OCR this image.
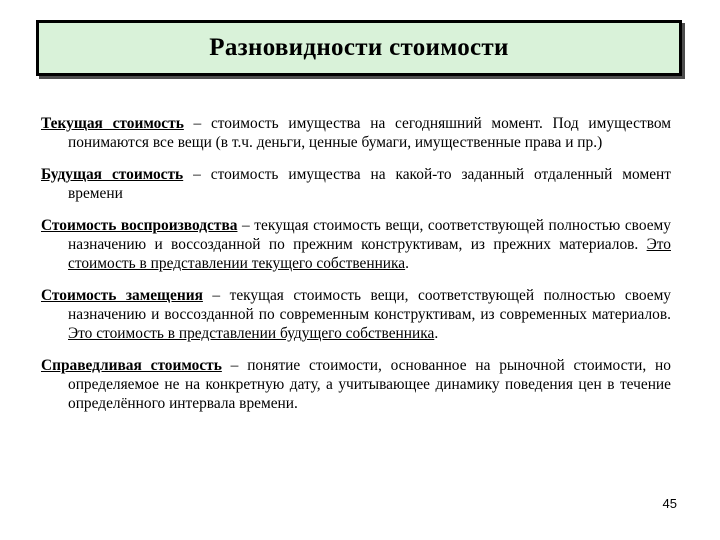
Разновидности стоимости

Текущая стоимость – стоимость имущества на сегодняшний момент. Под имуществом понимаются все вещи (в т.ч. деньги, ценные бумаги, имущественные права и пр.)

Будущая стоимость – стоимость имущества на какой-то заданный отдаленный момент времени

Стоимость воспроизводства – текущая стоимость вещи, соответствующей полностью своему назначению и воссозданной по прежним конструктивам, из прежних материалов. Это стоимость в представлении текущего собственника.

Стоимость замещения – текущая стоимость вещи, соответствующей полностью своему назначению и воссозданной по современным конструктивам, из современных материалов. Это стоимость в представлении будущего собственника.

Справедливая стоимость – понятие стоимости, основанное на рыночной стоимости, но определяемое не на конкретную дату, а учитывающее динамику поведения цен в течение определённого интервала времени.

45
